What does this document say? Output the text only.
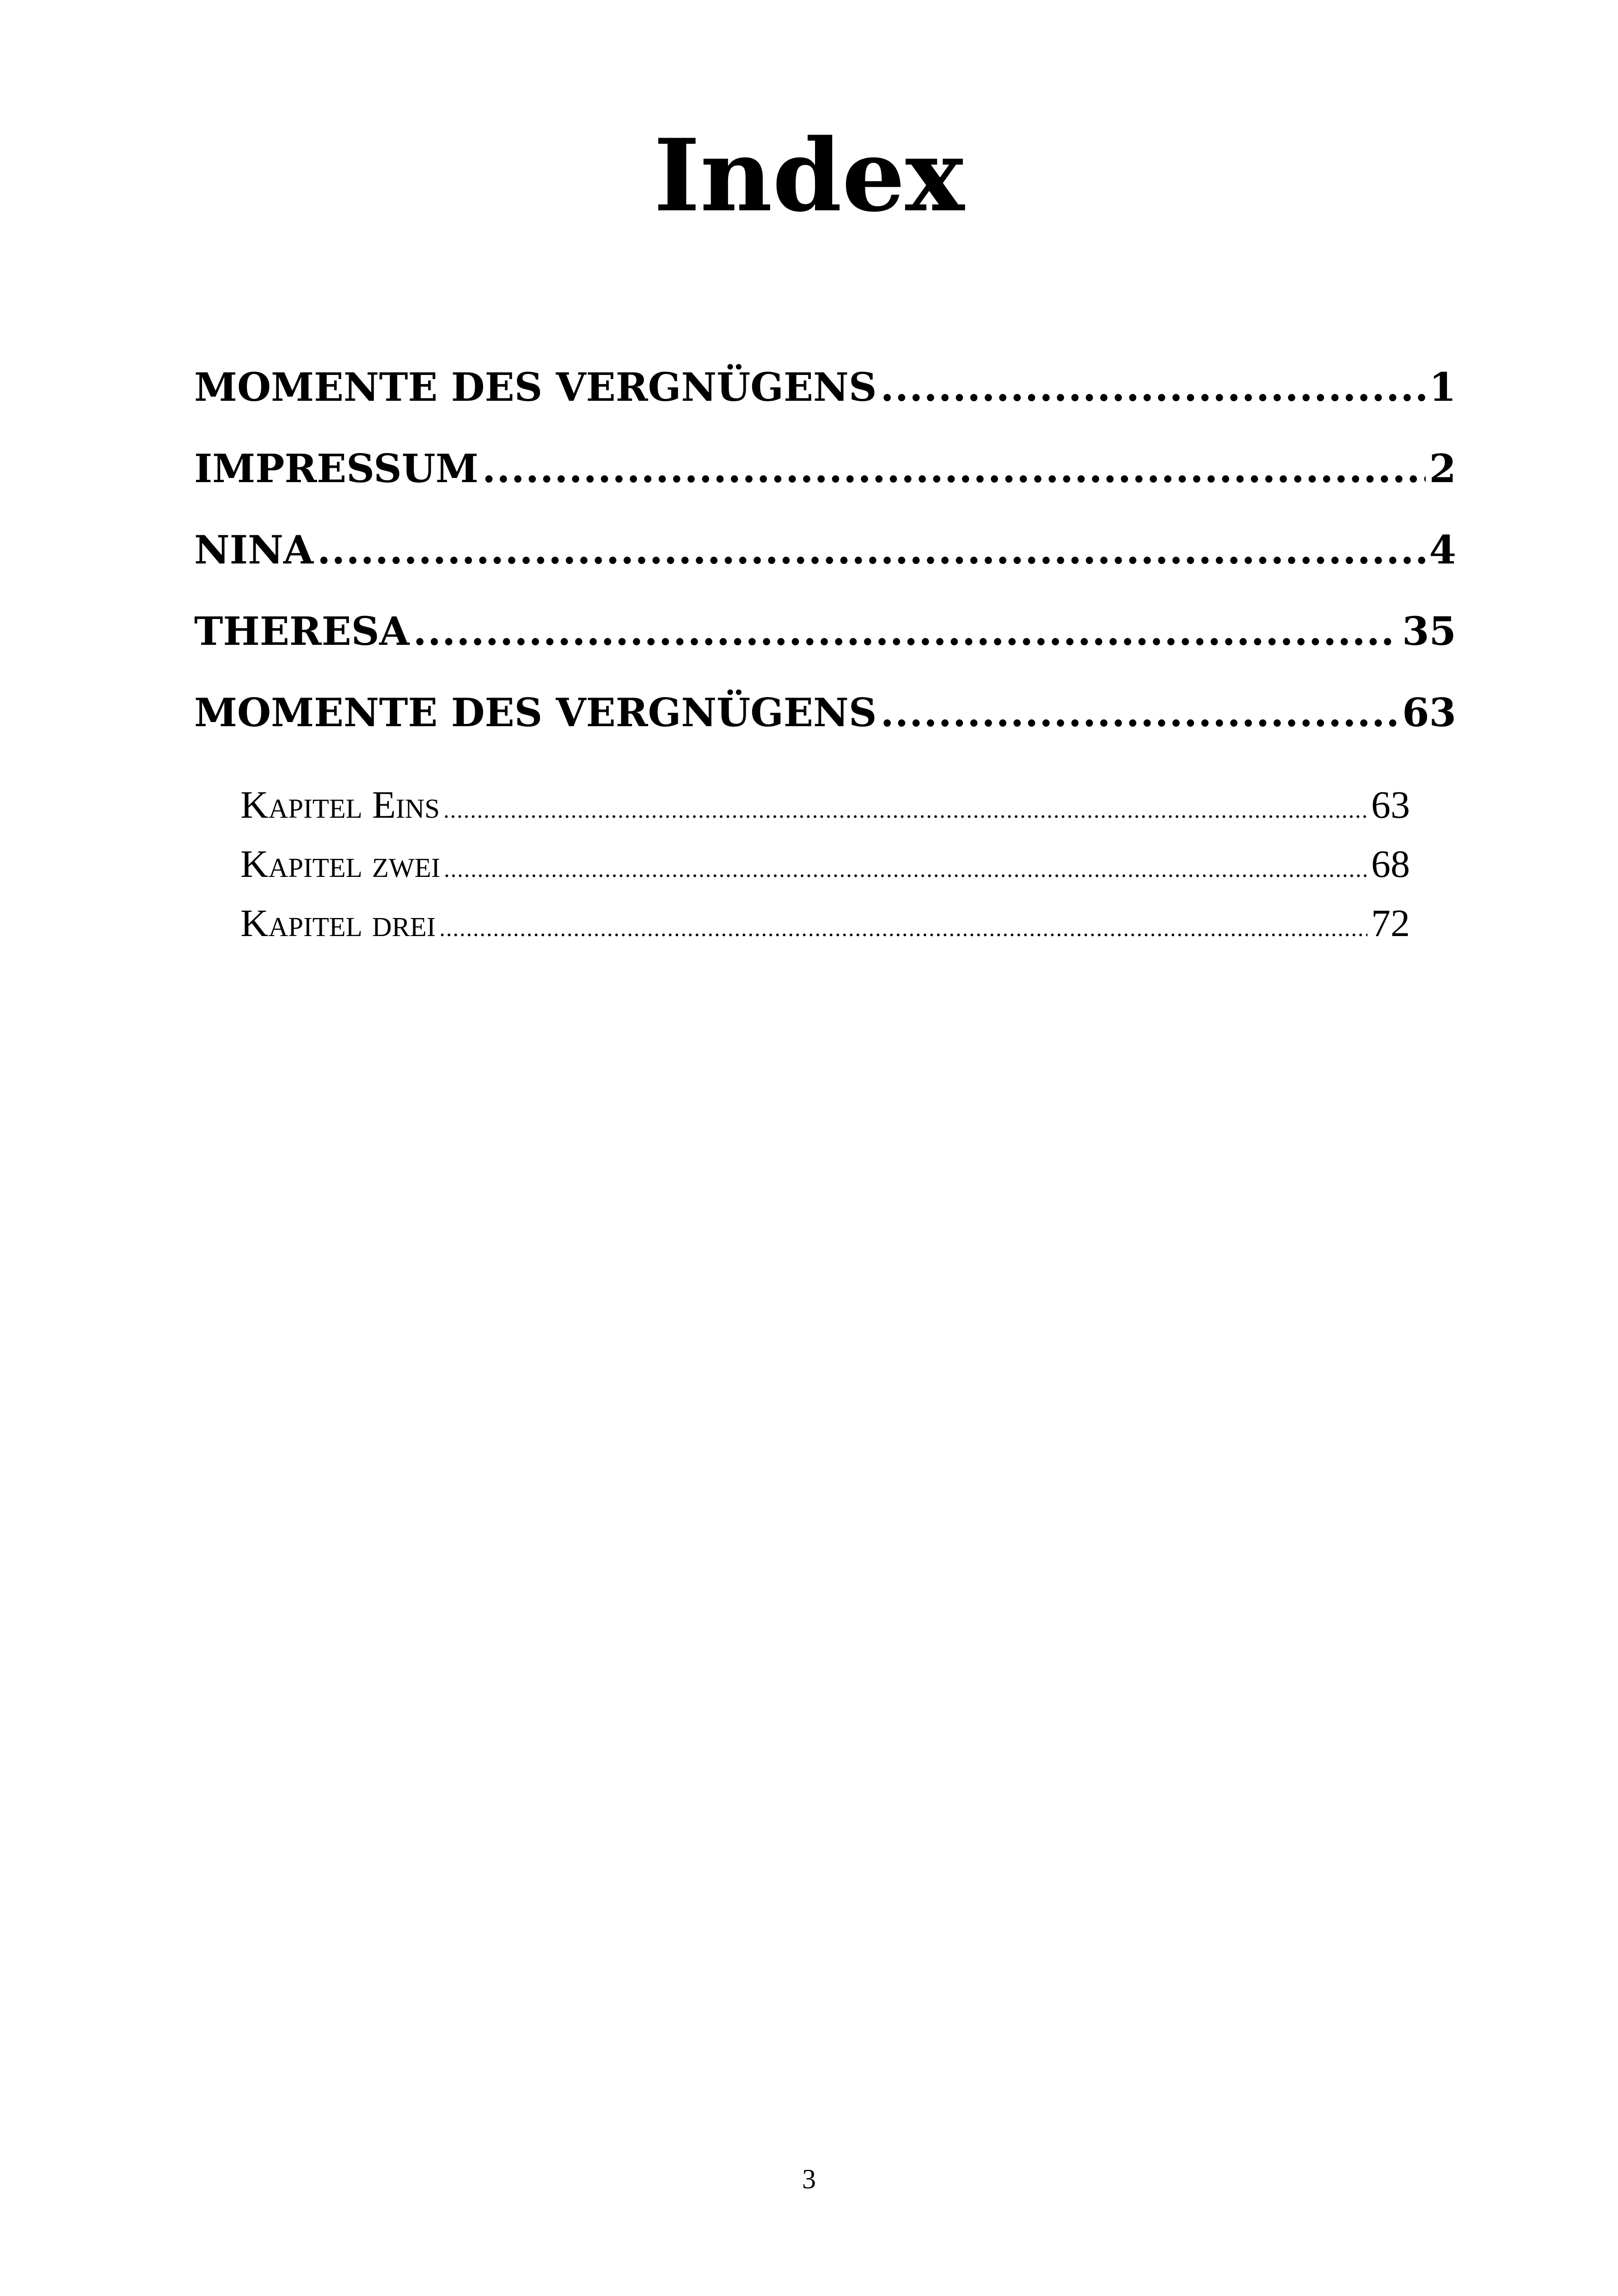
Index
MOMENTE DES VERGNÜGENS .....	1
IMPRESSUM .....	2
NINA .....	4
THERESA .....	35
MOMENTE DES VERGNÜGENS .....	63
Kapitel Eins .....	63
Kapitel zwei .....	68
Kapitel drei .....	72
3
